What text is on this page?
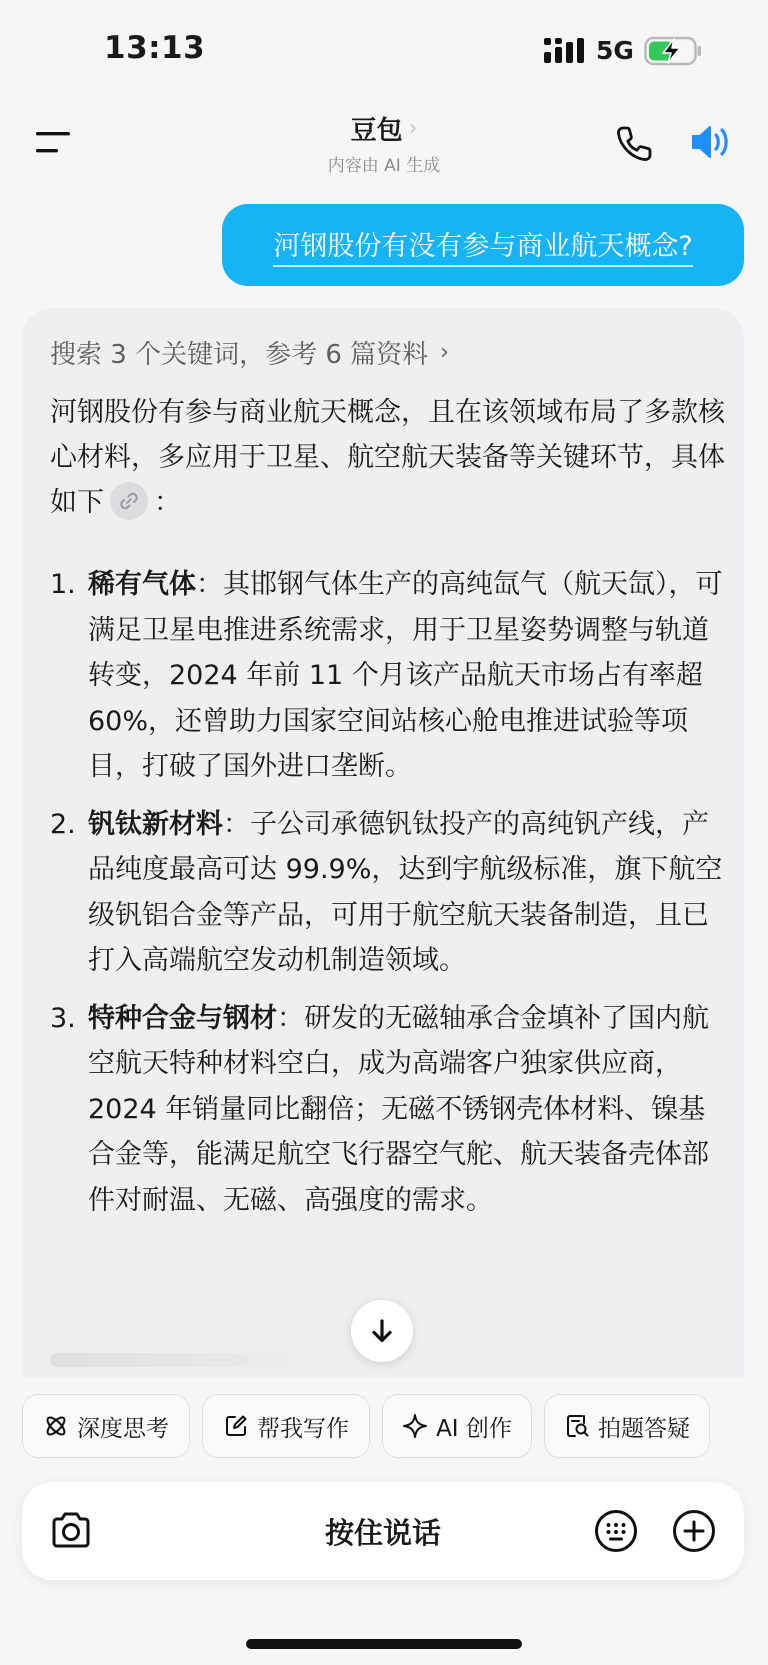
13:13	5G
豆包 ›
内容由 AI 生成
河钢股份有没有参与商业航天概念?
搜索 3 个关键词，参考 6 篇资料 ›
河钢股份有参与商业航天概念，且在该领域布局了多款核心材料，多应用于卫星、航空航天装备等关键环节，具体如下 ：
1. 稀有气体：其邯钢气体生产的高纯氙气（航天氙），可满足卫星电推进系统需求，用于卫星姿势调整与轨道转变，2024 年前 11 个月该产品航天市场占有率超 60%，还曾助力国家空间站核心舱电推进试验等项目，打破了国外进口垄断。
2. 钒钛新材料：子公司承德钒钛投产的高纯钒产线，产品纯度最高可达 99.9%，达到宇航级标准，旗下航空级钒铝合金等产品，可用于航空航天装备制造，且已打入高端航空发动机制造领域。
3. 特种合金与钢材：研发的无磁轴承合金填补了国内航空航天特种材料空白，成为高端客户独家供应商，2024 年销量同比翻倍；无磁不锈钢壳体材料、镍基合金等，能满足航空飞行器空气舵、航天装备壳体部件对耐温、无磁、高强度的需求。
深度思考	帮我写作	AI 创作	拍题答疑
按住说话
